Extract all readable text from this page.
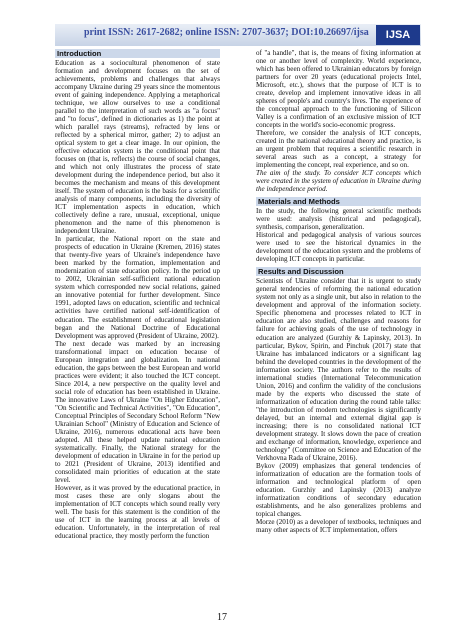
print ISSN: 2617-2682; online ISSN: 2707-3637; DOI:10.26697/ijsa	IJSA
Introduction

Education as a sociocultural phenomenon of state formation and development focuses on the set of achievements, problems and challenges that always accompany Ukraine during 29 years since the momentous event of gaining independence. Applying a metaphorical technique, we allow ourselves to use a conditional parallel to the interpretation of such words as "a focus" and "to focus", defined in dictionaries as 1) the point at which parallel rays (streams), refracted by lens or reflected by a spherical mirror, gather; 2) to adjust an optical system to get a clear image. In our opinion, the effective education system is the conditional point that focuses on (that is, reflects) the course of social changes, and which not only illustrates the process of state development during the independence period, but also it becomes the mechanism and means of this development itself. The system of education is the basis for a scientific analysis of many components, including the diversity of ICT implementation aspects in education, which collectively define a rare, unusual, exceptional, unique phenomenon and the name of this phenomenon is independent Ukraine.

In particular, the National report on the state and prospects of education in Ukraine (Kremen, 2016) states that twenty-five years of Ukraine's independence have been marked by the formation, implementation and modernization of state education policy. In the period up to 2002, Ukrainian self-sufficient national education system which corresponded new social relations, gained an innovative potential for further development. Since 1991, adopted laws on education, scientific and technical activities have certified national self-identification of education. The establishment of educational legislation began and the National Doctrine of Educational Development was approved (President of Ukraine, 2002).

The next decade was marked by an increasing transformational impact on education because of European integration and globalization. In national education, the gaps between the best European and world practices were evident; it also touched the ICT concept. Since 2014, a new perspective on the quality level and social role of education has been established in Ukraine. The innovative Laws of Ukraine "On Higher Education", "On Scientific and Technical Activities", "On Education", Conceptual Principles of Secondary School Reform "New Ukrainian School" (Ministry of Education and Science of Ukraine, 2016), numerous educational acts have been adopted. All these helped update national education systematically. Finally, the National strategy for the development of education in Ukraine in for the period up to 2021 (President of Ukraine, 2013) identified and consolidated main priorities of education at the state level.

However, as it was proved by the educational practice, in most cases these are only slogans about the implementation of ICT concepts which sound really very well. The basis for this statement is the condition of the use of ICT in the learning process at all levels of education. Unfortunately, in the interpretation of real educational practice, they mostly perform the function

of "a handle", that is, the means of fixing information at one or another level of complexity. World experience, which has been offered to Ukrainian educators by foreign partners for over 20 years (educational projects Intel, Microsoft, etc.), shows that the purpose of ICT is to create, develop and implement innovative ideas in all spheres of people's and country's lives. The experience of the conceptual approach to the functioning of Silicon Valley is a confirmation of an exclusive mission of ICT concepts in the world's socio-economic progress.

Therefore, we consider the analysis of ICT concepts, created in the national educational theory and practice, is an urgent problem that requires a scientific research in several areas such as a concept, a strategy for implementing the concept, real experience, and so on.

The aim of the study. To consider ICT concepts which were created in the system of education in Ukraine during the independence period.

Materials and Methods

In the study, the following general scientific methods were used: analysis (historical and pedagogical), synthesis, comparison, generalization.

Historical and pedagogical analysis of various sources were used to see the historical dynamics in the development of the education system and the problems of developing ICT concepts in particular.

Results and Discussion

Scientists of Ukraine consider that it is urgent to study general tendencies of reforming the national education system not only as a single unit, but also in relation to the development and approval of the information society. Specific phenomena and processes related to ICT in education are also studied, challenges and reasons for failure for achieving goals of the use of technology in education are analyzed (Gurzhiy & Lapinsky, 2013). In particular, Bykov, Spirin, and Pinchuk (2017) state that Ukraine has imbalanced indicators or a significant lag behind the developed countries in the development of the information society. The authors refer to the results of international studies (International Telecommunication Union, 2016) and confirm the validity of the conclusions made by the experts who discussed the state of informatization of education during the round table talks: "the introduction of modern technologies is significantly delayed, but an internal and external digital gap is increasing; there is no consolidated national ICT development strategy. It slows down the pace of creation and exchange of information, knowledge, experience and technology" (Committee on Science and Education of the Verkhovna Rada of Ukraine, 2016).

Bykov (2009) emphasizes that general tendencies of informatization of education are the formation tools of information and technological platform of open education. Gurzhiy and Lapinsky (2013) analyze informatization conditions of secondary education establishments, and he also generalizes problems and topical changes.

Morze (2010) as a developer of textbooks, techniques and many other aspects of ICT implementation, offers

17
